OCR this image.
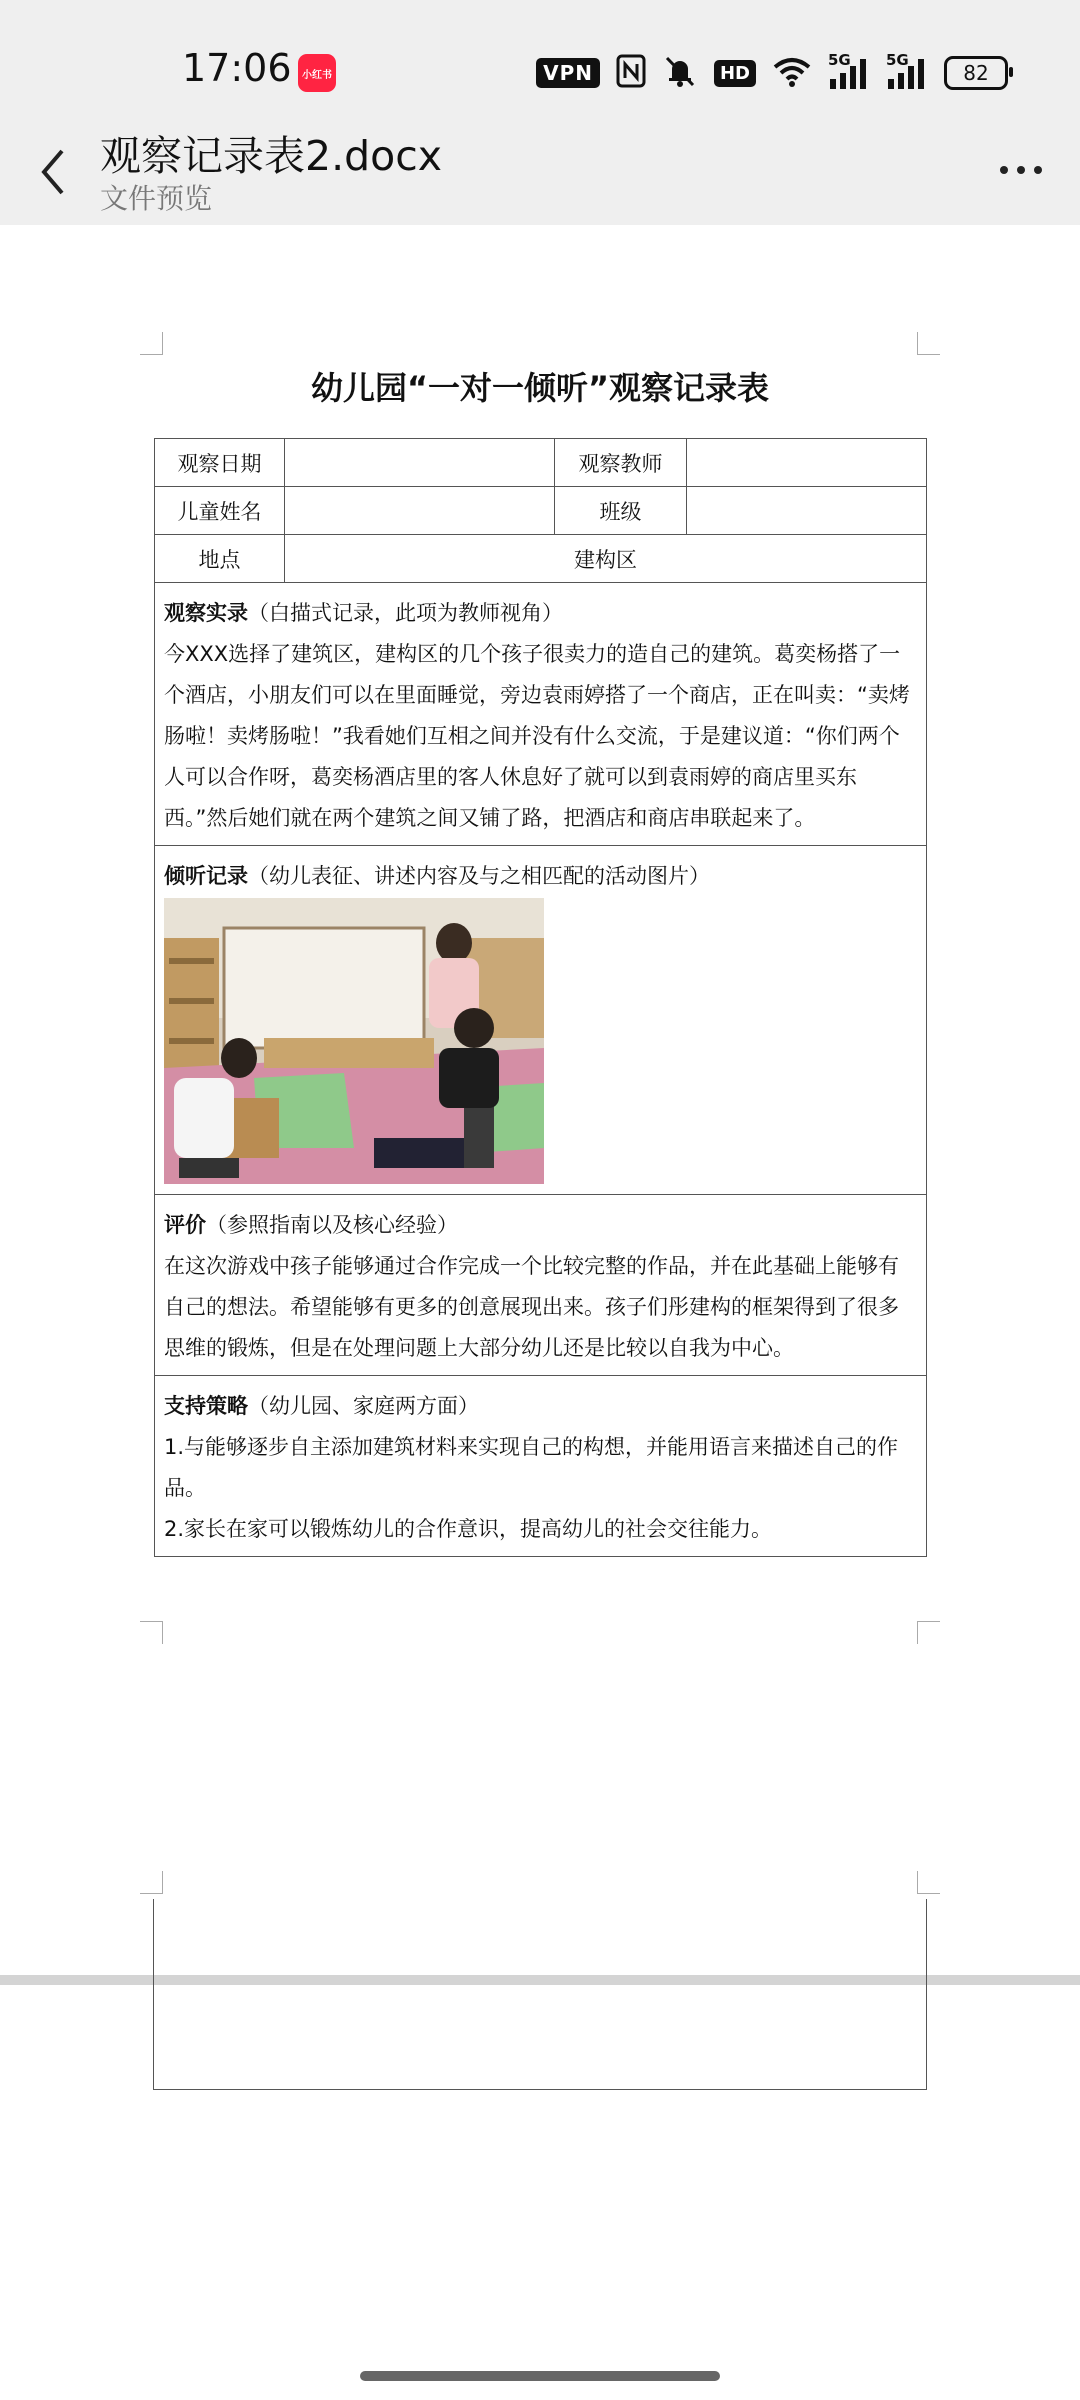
17:06	小红书	VPN	HD
5G 5G
82
观察记录表2.docx
文件预览
幼儿园“一对一倾听”观察记录表
观察日期		观察教师	
儿童姓名		班级	
地点	建构区		

观察实录（白描式记录，此项为教师视角）
今XXX选择了建筑区，建构区的几个孩子很卖力的造自己的建筑。葛奕杨搭了一个酒店，小朋友们可以在里面睡觉，旁边袁雨婷搭了一个商店，正在叫卖：“卖烤肠啦！卖烤肠啦！”我看她们互相之间并没有什么交流，于是建议道：“你们两个人可以合作呀，葛奕杨酒店里的客人休息好了就可以到袁雨婷的商店里买东西。”然后她们就在两个建筑之间又铺了路，把酒店和商店串联起来了。			

倾听记录（幼儿表征、讲述内容及与之相匹配的活动图片）			

评价（参照指南以及核心经验）
在这次游戏中孩子能够通过合作完成一个比较完整的作品，并在此基础上能够有自己的想法。希望能够有更多的创意展现出来。孩子们彤建构的框架得到了很多思维的锻炼，但是在处理问题上大部分幼儿还是比较以自我为中心。			

支持策略（幼儿园、家庭两方面）
1.与能够逐步自主添加建筑材料来实现自己的构想，并能用语言来描述自己的作品。
2.家长在家可以锻炼幼儿的合作意识，提高幼儿的社会交往能力。			
